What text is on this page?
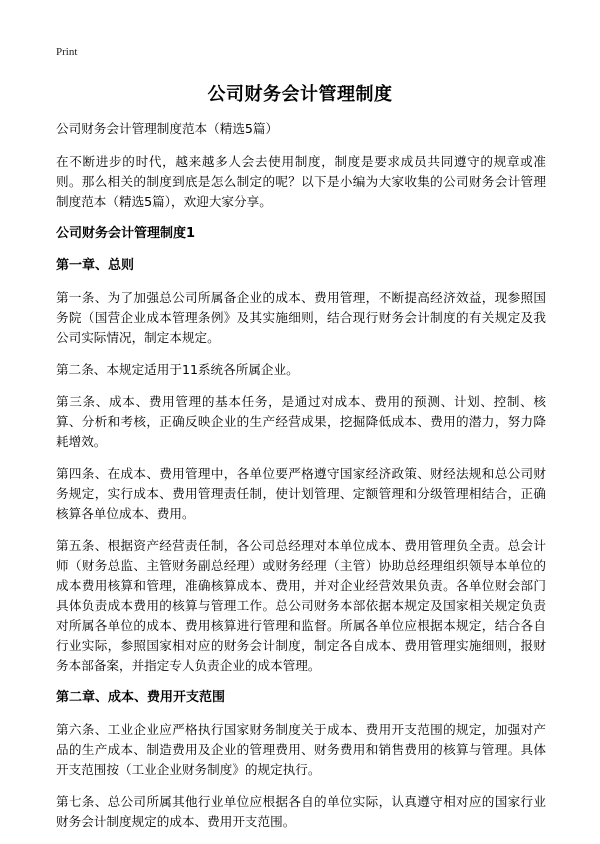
Print
公司财务会计管理制度
公司财务会计管理制度范本（精选5篇）
在不断进步的时代，越来越多人会去使用制度，制度是要求成员共同遵守的规章或准则。那么相关的制度到底是怎么制定的呢？以下是小编为大家收集的公司财务会计管理制度范本（精选5篇），欢迎大家分享。
公司财务会计管理制度1
第一章、总则
第一条、为了加强总公司所属备企业的成本、费用管理，不断提高经济效益，现参照国务院（国营企业成本管理条例》及其实施细则，结合现行财务会计制度的有关规定及我公司实际情况，制定本规定。
第二条、本规定适用于11系统各所属企业。
第三条、成本、费用管理的基本任务，是通过对成本、费用的预测、计划、控制、核算、分析和考核，正确反映企业的生产经营成果，挖掘降低成本、费用的潜力，努力降耗增效。
第四条、在成本、费用管理中，各单位要严格遵守国家经济政策、财经法规和总公司财务规定，实行成本、费用管理责任制，使计划管理、定额管理和分级管理相结合，正确核算各单位成本、费用。
第五条、根据资产经营责任制，各公司总经理对本单位成本、费用管理负全责。总会计师（财务总监、主管财务副总经理）或财务经理（主管）协助总经理组织领导本单位的成本费用核算和管理，准确核算成本、费用，并对企业经营效果负责。各单位财会部门具体负责成本费用的核算与管理工作。总公司财务本部依据本规定及国家相关规定负责对所属各单位的成本、费用核算进行管理和监督。所属各单位应根据本规定，结合各自行业实际，参照国家相对应的财务会计制度，制定各自成本、费用管理实施细则，报财务本部备案，并指定专人负责企业的成本管理。
第二章、成本、费用开支范围
第六条、工业企业应严格执行国家财务制度关于成本、费用开支范围的规定，加强对产品的生产成本、制造费用及企业的管理费用、财务费用和销售费用的核算与管理。具体开支范围按（工业企业财务制度》的规定执行。
第七条、总公司所属其他行业单位应根据各自的单位实际，认真遵守相对应的国家行业财务会计制度规定的成本、费用开支范围。
